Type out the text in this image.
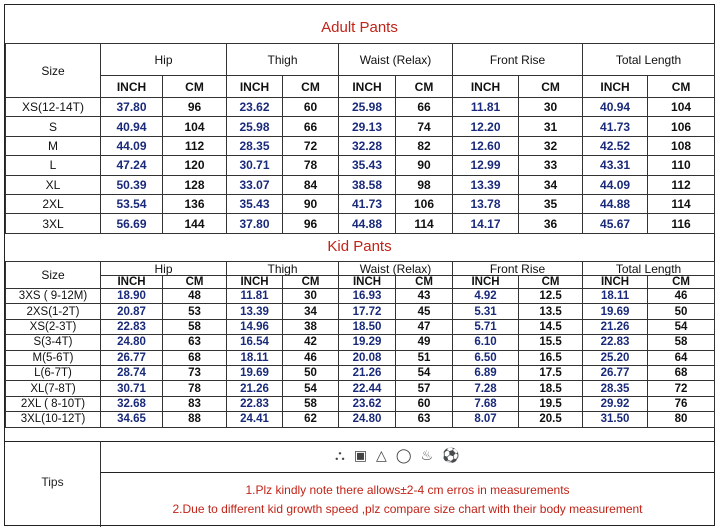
Adult Pants
Size	Hip		Thigh		Waist (Relax)		Front Rise		Total Length	
	INCH	CM	INCH	CM	INCH	CM	INCH	CM	INCH	CM
XS(12-14T)	37.80	96	23.62	60	25.98	66	11.81	30	40.94	104
S	40.94	104	25.98	66	29.13	74	12.20	31	41.73	106
M	44.09	112	28.35	72	32.28	82	12.60	32	42.52	108
L	47.24	120	30.71	78	35.43	90	12.99	33	43.31	110
XL	50.39	128	33.07	84	38.58	98	13.39	34	44.09	112
2XL	53.54	136	35.43	90	41.73	106	13.78	35	44.88	114
3XL	56.69	144	37.80	96	44.88	114	14.17	36	45.67	116
Kid Pants
Size	Hip		Thigh		Waist (Relax)		Front Rise		Total Length	
	INCH	CM	INCH	CM	INCH	CM	INCH	CM	INCH	CM
3XS ( 9-12M)	18.90	48	11.81	30	16.93	43	4.92	12.5	18.11	46
2XS(1-2T)	20.87	53	13.39	34	17.72	45	5.31	13.5	19.69	50
XS(2-3T)	22.83	58	14.96	38	18.50	47	5.71	14.5	21.26	54
S(3-4T)	24.80	63	16.54	42	19.29	49	6.10	15.5	22.83	58
M(5-6T)	26.77	68	18.11	46	20.08	51	6.50	16.5	25.20	64
L(6-7T)	28.74	73	19.69	50	21.26	54	6.89	17.5	26.77	68
XL(7-8T)	30.71	78	21.26	54	22.44	57	7.28	18.5	28.35	72
2XL ( 8-10T)	32.68	83	22.83	58	23.62	60	7.68	19.5	29.92	76
3XL(10-12T)	34.65	88	24.41	62	24.80	63	8.07	20.5	31.50	80
Tips
⛬ ▣ △ ◯ ♨ ⚽
1.Plz kindly note there allows±2-4 cm erros in measurements
2.Due to different kid growth speed ,plz compare size chart with their body measurement
